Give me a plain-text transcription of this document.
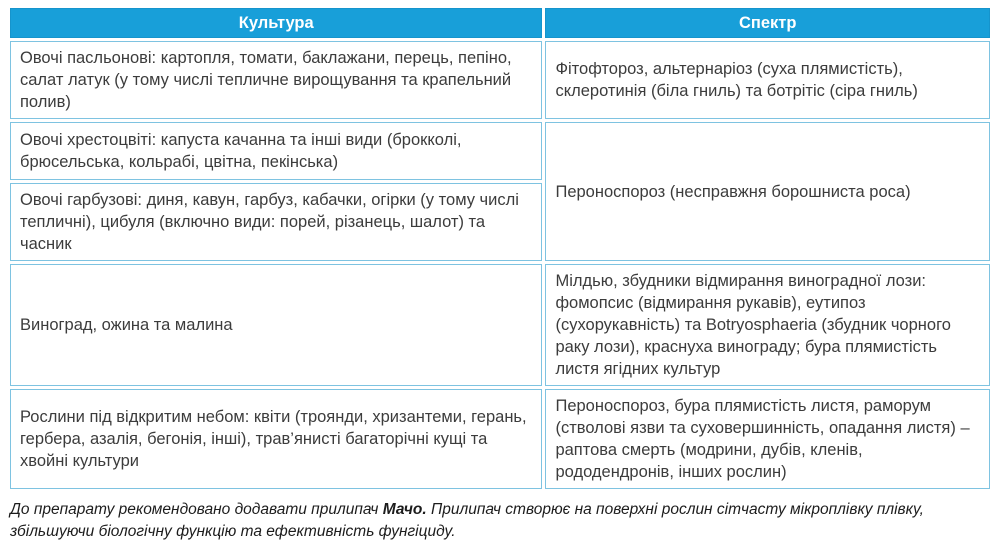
Культура	Спектр
Овочі пасльонові: картопля, томати, баклажани, перець, пепіно, салат латук (у тому числі тепличне вирощування та крапельний полив)	Фітофтороз, альтернаріоз (суха плямистість), склеротинія (біла гниль) та ботрітіс (сіра гниль)
Овочі хрестоцвіті: капуста качанна та інші види (брокколі, брюсельська, кольрабі, цвітна, пекінська)	Пероноспороз (несправжня борошниста роса)
Овочі гарбузові: диня, кавун, гарбуз, кабачки, огірки (у тому числі тепличні), цибуля (включно види: порей, різанець, шалот) та часник	
Виноград, ожина та малина	Мілдью, збудники відмирання виноградної лози: фомопсис (відмирання рукавів), еутипоз (сухорукавність) та Botryosphaeria (збудник чорного раку лози), краснуха винограду; бура плямистість листя ягідних культур
Рослини під відкритим небом: квіти (троянди, хризантеми, герань, гербера, азалія, бегонія, інші), трав’янисті багаторічні кущі та хвойні культури	Пероноспороз, бура плямистість листя, раморум (стволові язви та суховершинність, опадання листя) – раптова смерть (модрини, дубів, кленів, рододендронів, інших рослин)

До препарату рекомендовано додавати прилипач Мачо. Прилипач створює на поверхні рослин сітчасту мікроплівку плівку, збільшуючи біологічну функцію та ефективність фунгіциду.
